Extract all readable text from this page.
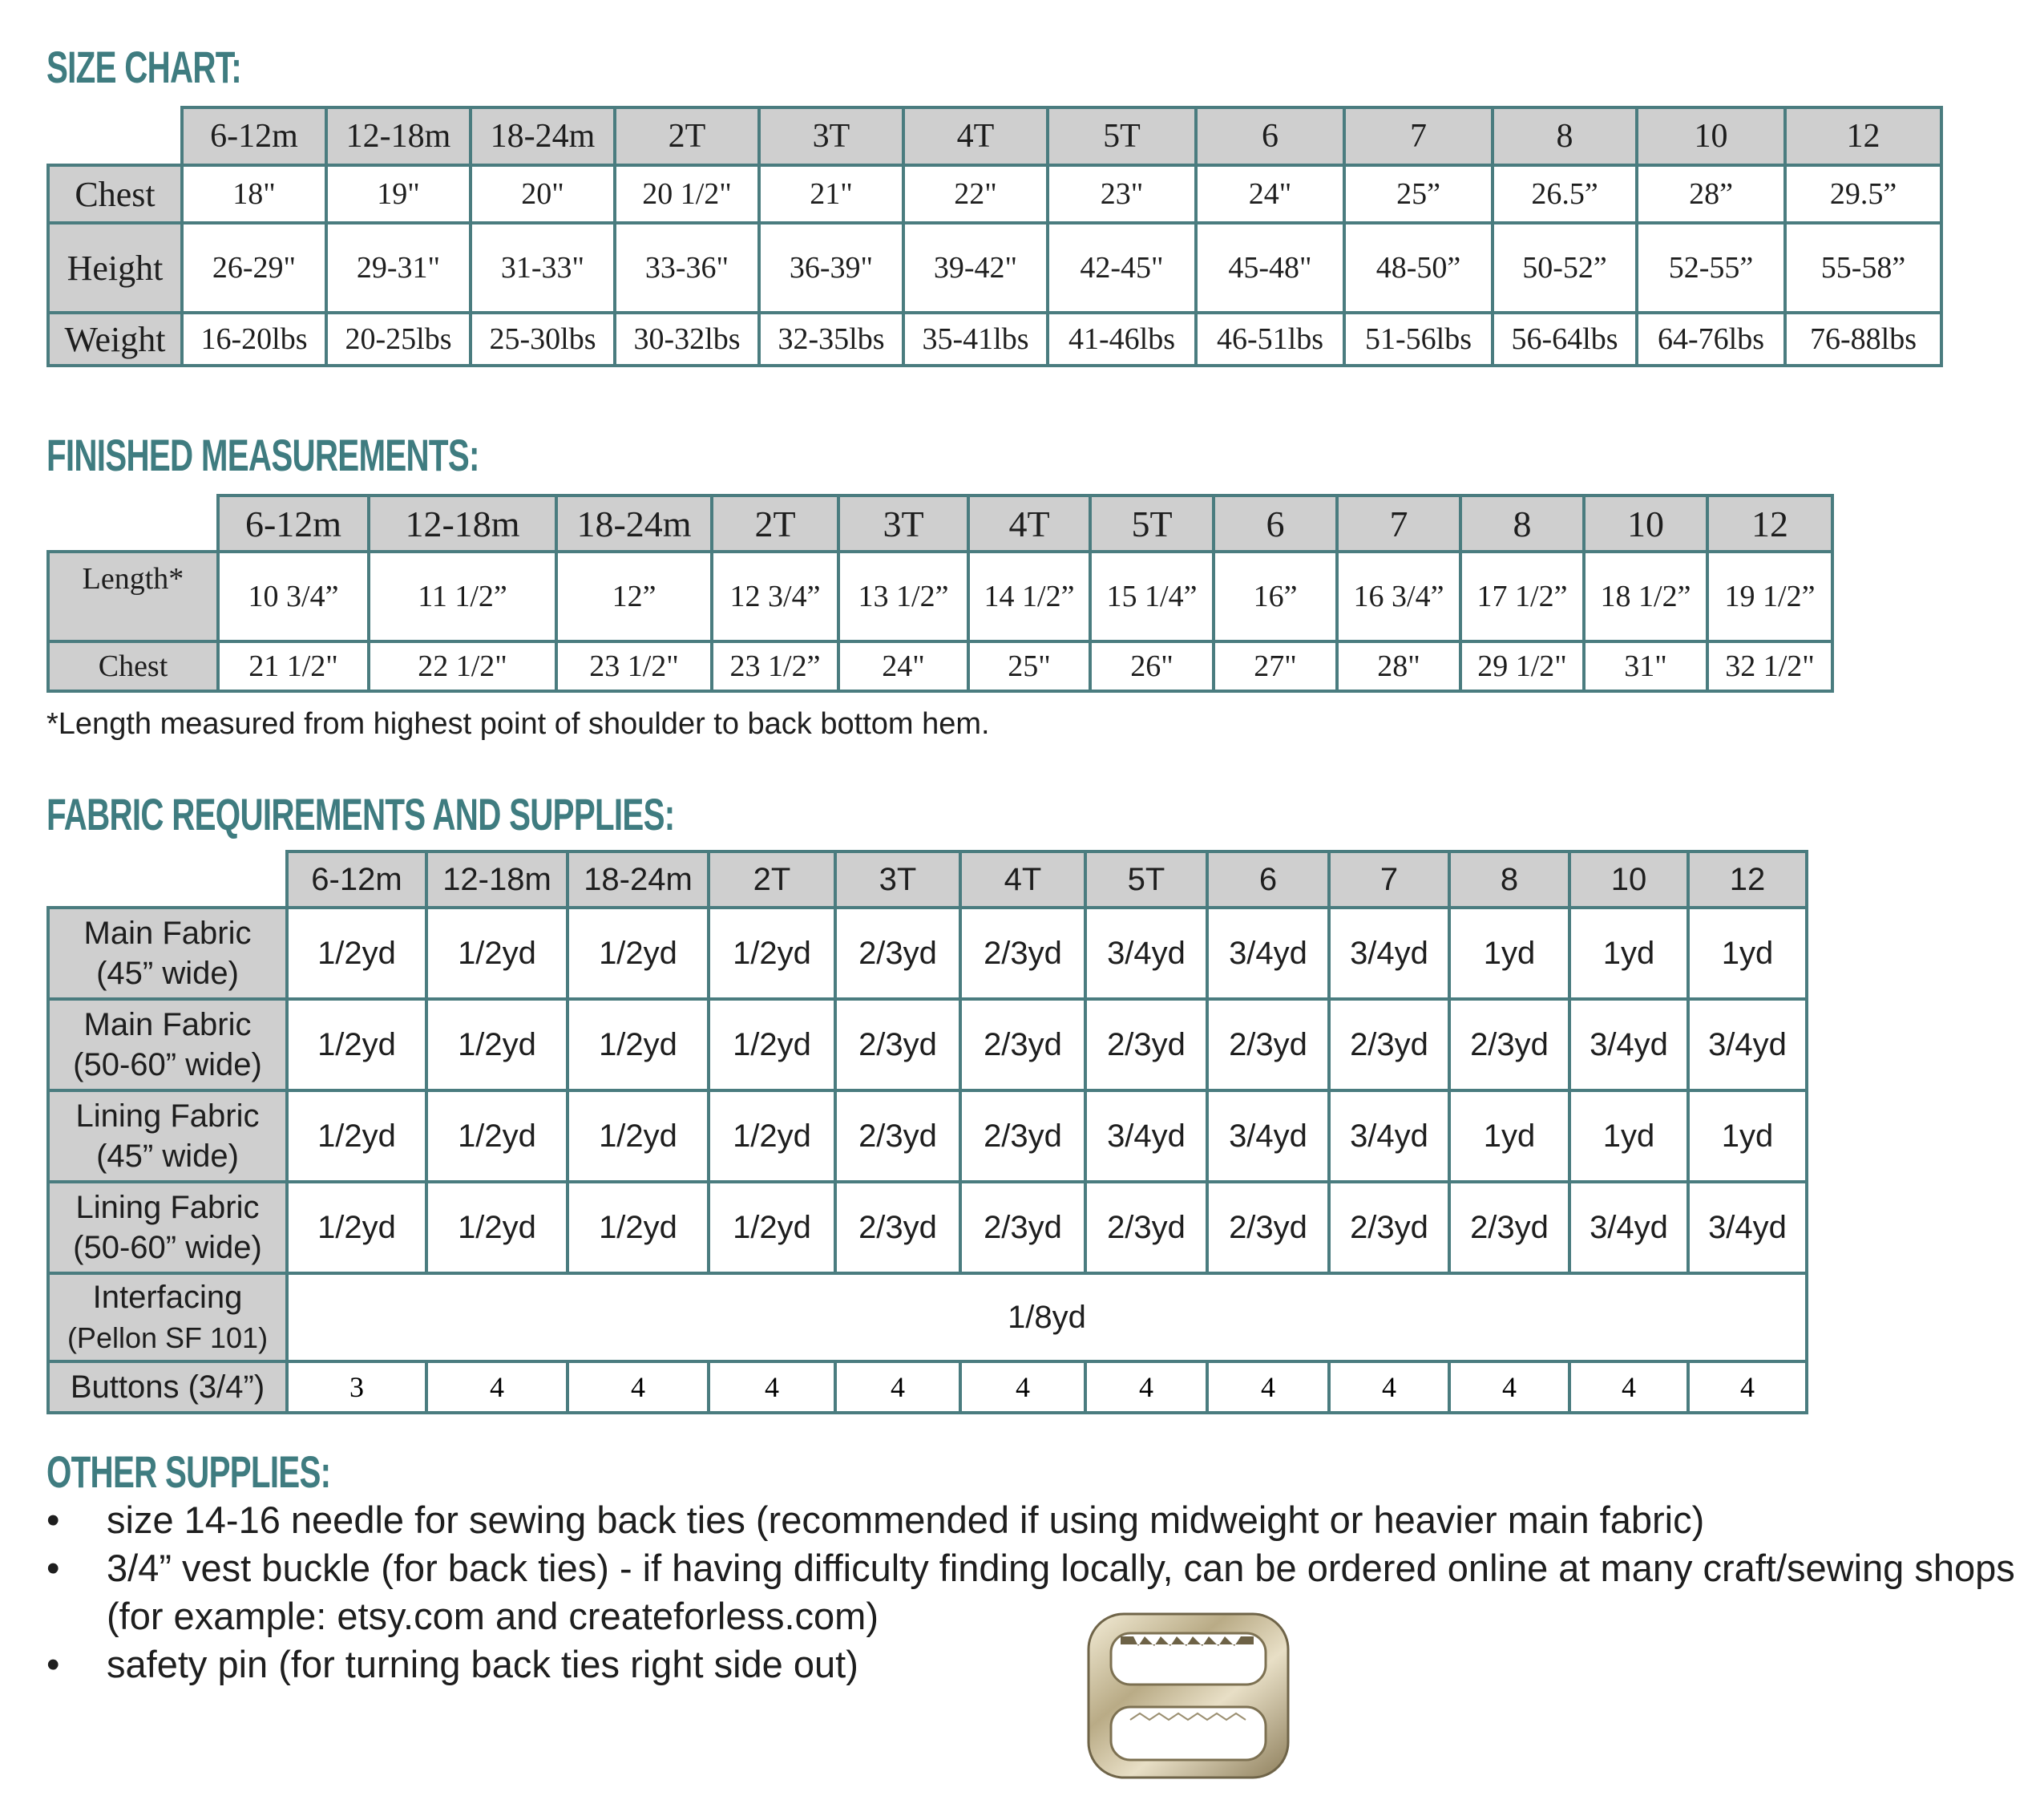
SIZE CHART:
	6-12m	12-18m	18-24m	2T	3T	4T	5T	6	7	8	10	12
Chest	18"	19"	20"	20 1/2"	21"	22"	23"	24"	25”	26.5”	28”	29.5”
Height	26-29"	29-31"	31-33"	33-36"	36-39"	39-42"	42-45"	45-48"	48-50”	50-52”	52-55”	55-58”
Weight	16-20lbs	20-25lbs	25-30lbs	30-32lbs	32-35lbs	35-41lbs	41-46lbs	46-51lbs	51-56lbs	56-64lbs	64-76lbs	76-88lbs
FINISHED MEASUREMENTS:
	6-12m	12-18m	18-24m	2T	3T	4T	5T	6	7	8	10	12
Length*	10 3/4”	11 1/2”	12”	12 3/4”	13 1/2”	14 1/2”	15 1/4”	16”	16 3/4”	17 1/2”	18 1/2”	19 1/2”
Chest	21 1/2"	22 1/2"	23 1/2"	23 1/2”	24"	25"	26"	27"	28"	29 1/2"	31"	32 1/2"

*Length measured from highest point of shoulder to back bottom hem.

FABRIC REQUIREMENTS AND SUPPLIES:
	6-12m	12-18m	18-24m	2T	3T	4T	5T	6	7	8	10	12
Main Fabric
(45” wide)	1/2yd	1/2yd	1/2yd	1/2yd	2/3yd	2/3yd	3/4yd	3/4yd	3/4yd	1yd	1yd	1yd
Main Fabric
(50-60” wide)	1/2yd	1/2yd	1/2yd	1/2yd	2/3yd	2/3yd	2/3yd	2/3yd	2/3yd	2/3yd	3/4yd	3/4yd
Lining Fabric
(45” wide)	1/2yd	1/2yd	1/2yd	1/2yd	2/3yd	2/3yd	3/4yd	3/4yd	3/4yd	1yd	1yd	1yd
Lining Fabric
(50-60” wide)	1/2yd	1/2yd	1/2yd	1/2yd	2/3yd	2/3yd	2/3yd	2/3yd	2/3yd	2/3yd	3/4yd	3/4yd
Interfacing
(Pellon SF 101)	1/8yd											
Buttons (3/4”)	3	4	4	4	4	4	4	4	4	4	4	4
OTHER SUPPLIES:
• size 14-16 needle for sewing back ties (recommended if using midweight or heavier main fabric)
• 3/4” vest buckle (for back ties) - if having difficulty finding locally, can be ordered online at many craft/sewing shops (for example: etsy.com and createforless.com)
• safety pin (for turning back ties right side out)
